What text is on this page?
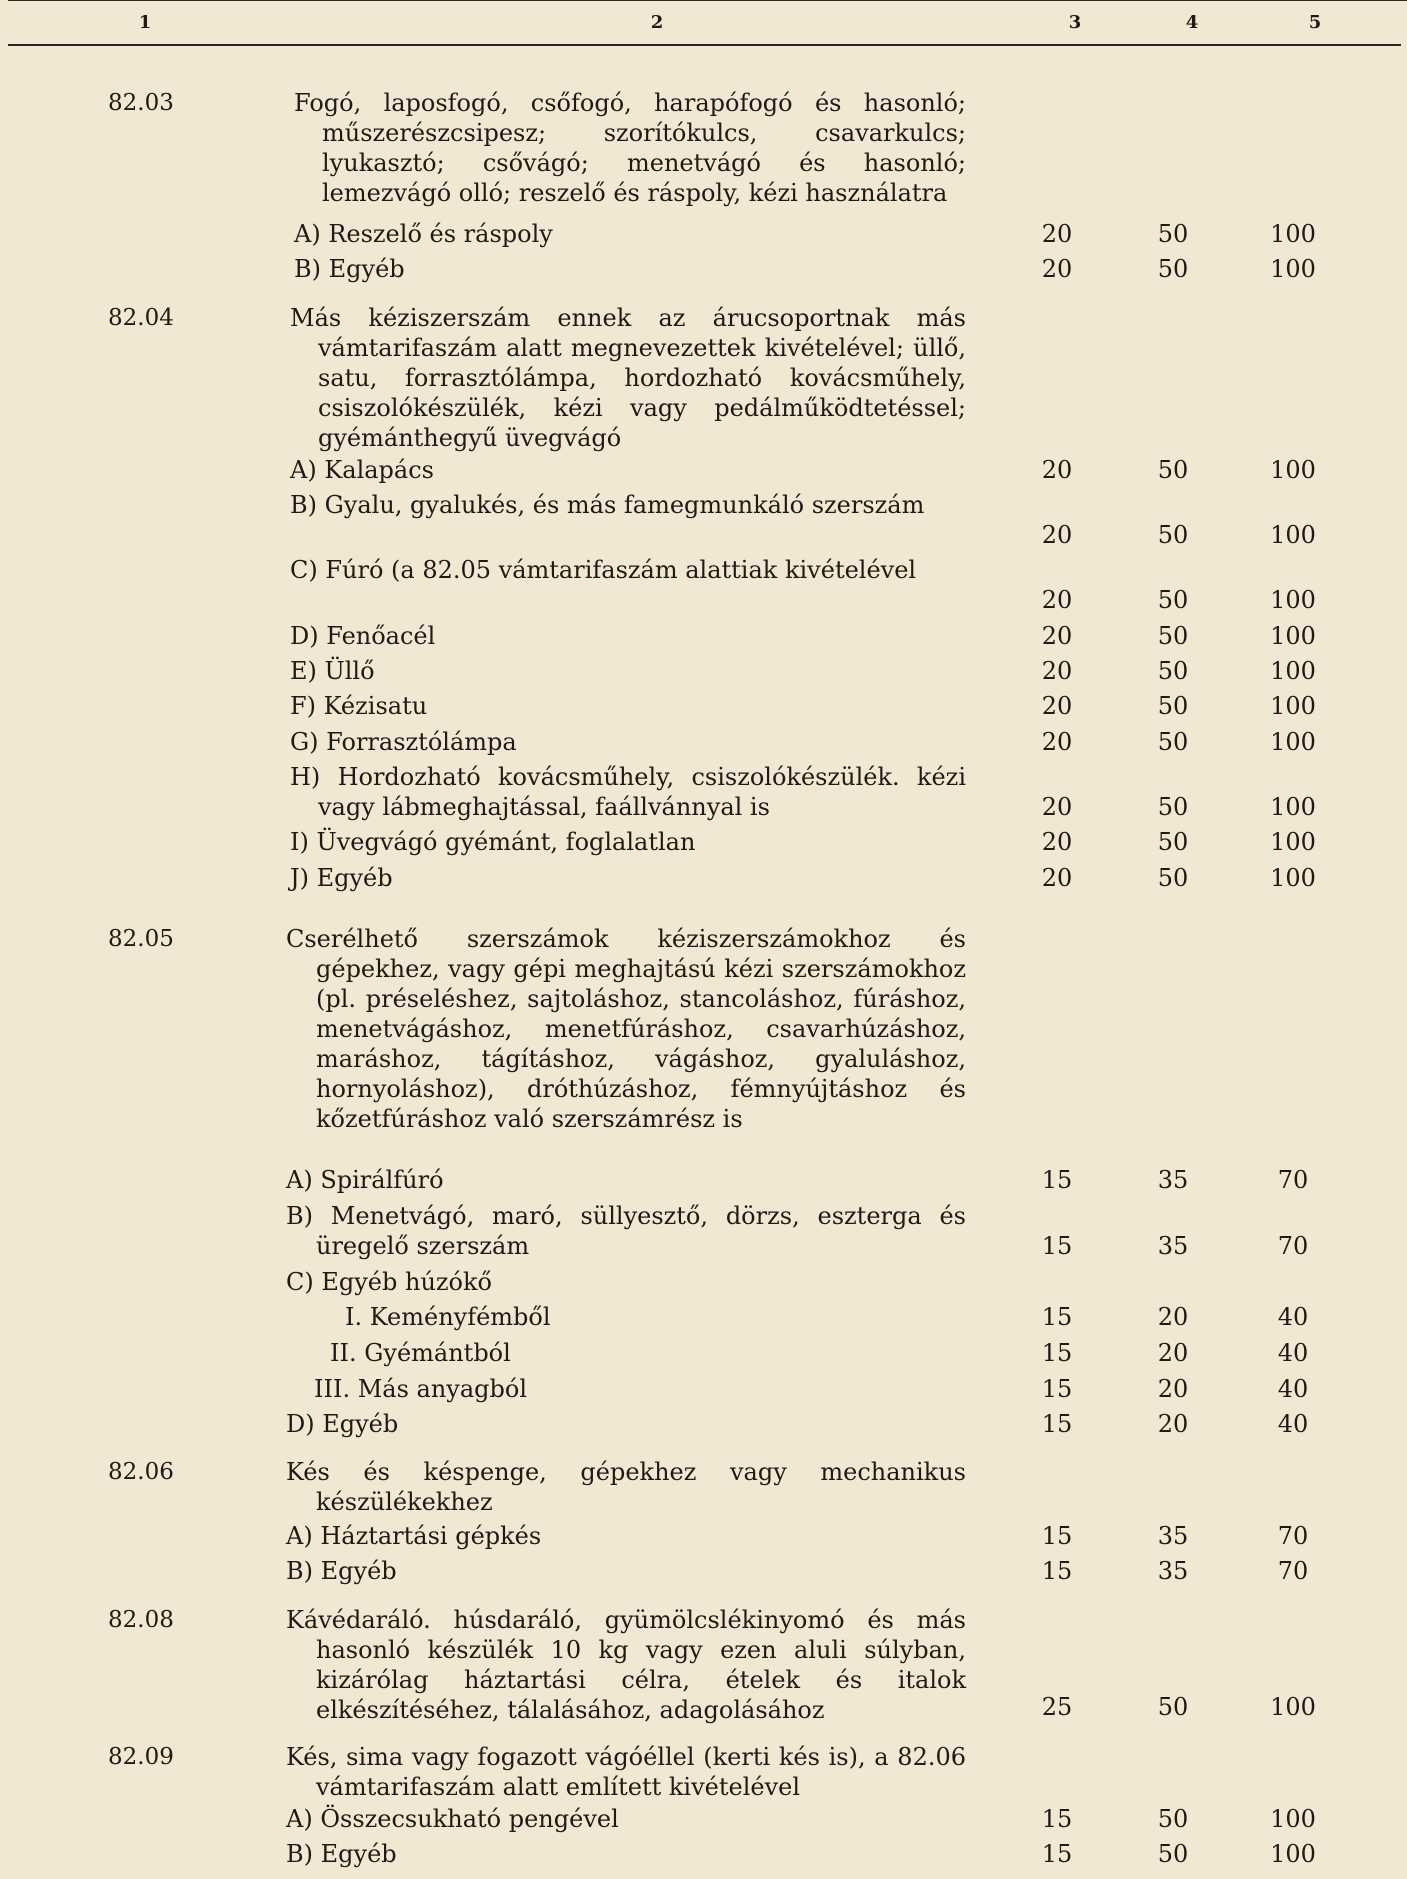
1	2	3	4	5
82.03	Fogó, laposfogó, csőfogó, harapófogó és hasonló; műszerészcsipesz; szorítókulcs, csavarkulcs; lyukasztó; csővágó; menetvágó és hasonló; lemezvágó olló; reszelő és ráspoly, kézi használatra
A) Reszelő és ráspoly	20	50	100
B) Egyéb	20	50	100
82.04	Más kéziszerszám ennek az árucsoportnak más vámtarifaszám alatt megnevezettek kivételével; üllő, satu, forrasztólámpa, hordozható kovácsműhely, csiszolókészülék, kézi vagy pedálműködtetéssel; gyémánthegyű üvegvágó
A) Kalapács	20	50	100
B) Gyalu, gyalukés, és más famegmunkáló szerszám
20	50	100
C) Fúró (a 82.05 vámtarifaszám alattiak kivételével
20	50	100
D) Fenőacél	20	50	100
E) Üllő	20	50	100
F) Kézisatu	20	50	100
G) Forrasztólámpa	20	50	100
H) Hordozható kovácsműhely, csiszolókészülék. kézi vagy lábmeghajtással, faállvánnyal is	20	50	100
I) Üvegvágó gyémánt, foglalatlan	20	50	100
J) Egyéb	20	50	100
82.05	Cserélhető szerszámok kéziszerszámokhoz és gépekhez, vagy gépi meghajtású kézi szerszámokhoz (pl. préseléshez, sajtoláshoz, stancoláshoz, fúráshoz, menetvágáshoz, menetfúráshoz, csavarhúzáshoz, maráshoz, tágításhoz, vágáshoz, gyaluláshoz, hornyoláshoz), dróthúzáshoz, fémnyújtáshoz és kőzetfúráshoz való szerszámrész is
A) Spirálfúró	15	35	70
B) Menetvágó, maró, süllyesztő, dörzs, eszterga és üregelő szerszám	15	35	70
C) Egyéb húzókő
I. Keményfémből	15	20	40
II. Gyémántból	15	20	40
III. Más anyagból	15	20	40
D) Egyéb	15	20	40
82.06	Kés és késpenge, gépekhez vagy mechanikus készülékekhez
A) Háztartási gépkés	15	35	70
B) Egyéb	15	35	70
82.08	Kávédaráló. húsdaráló, gyümölcslékinyomó és más hasonló készülék 10 kg vagy ezen aluli súlyban, kizárólag háztartási célra, ételek és italok elkészítéséhez, tálalásához, adagolásához	25	50	100
82.09	Kés, sima vagy fogazott vágóéllel (kerti kés is), a 82.06 vámtarifaszám alatt említett kivételével
A) Összecsukható pengével	15	50	100
B) Egyéb	15	50	100
